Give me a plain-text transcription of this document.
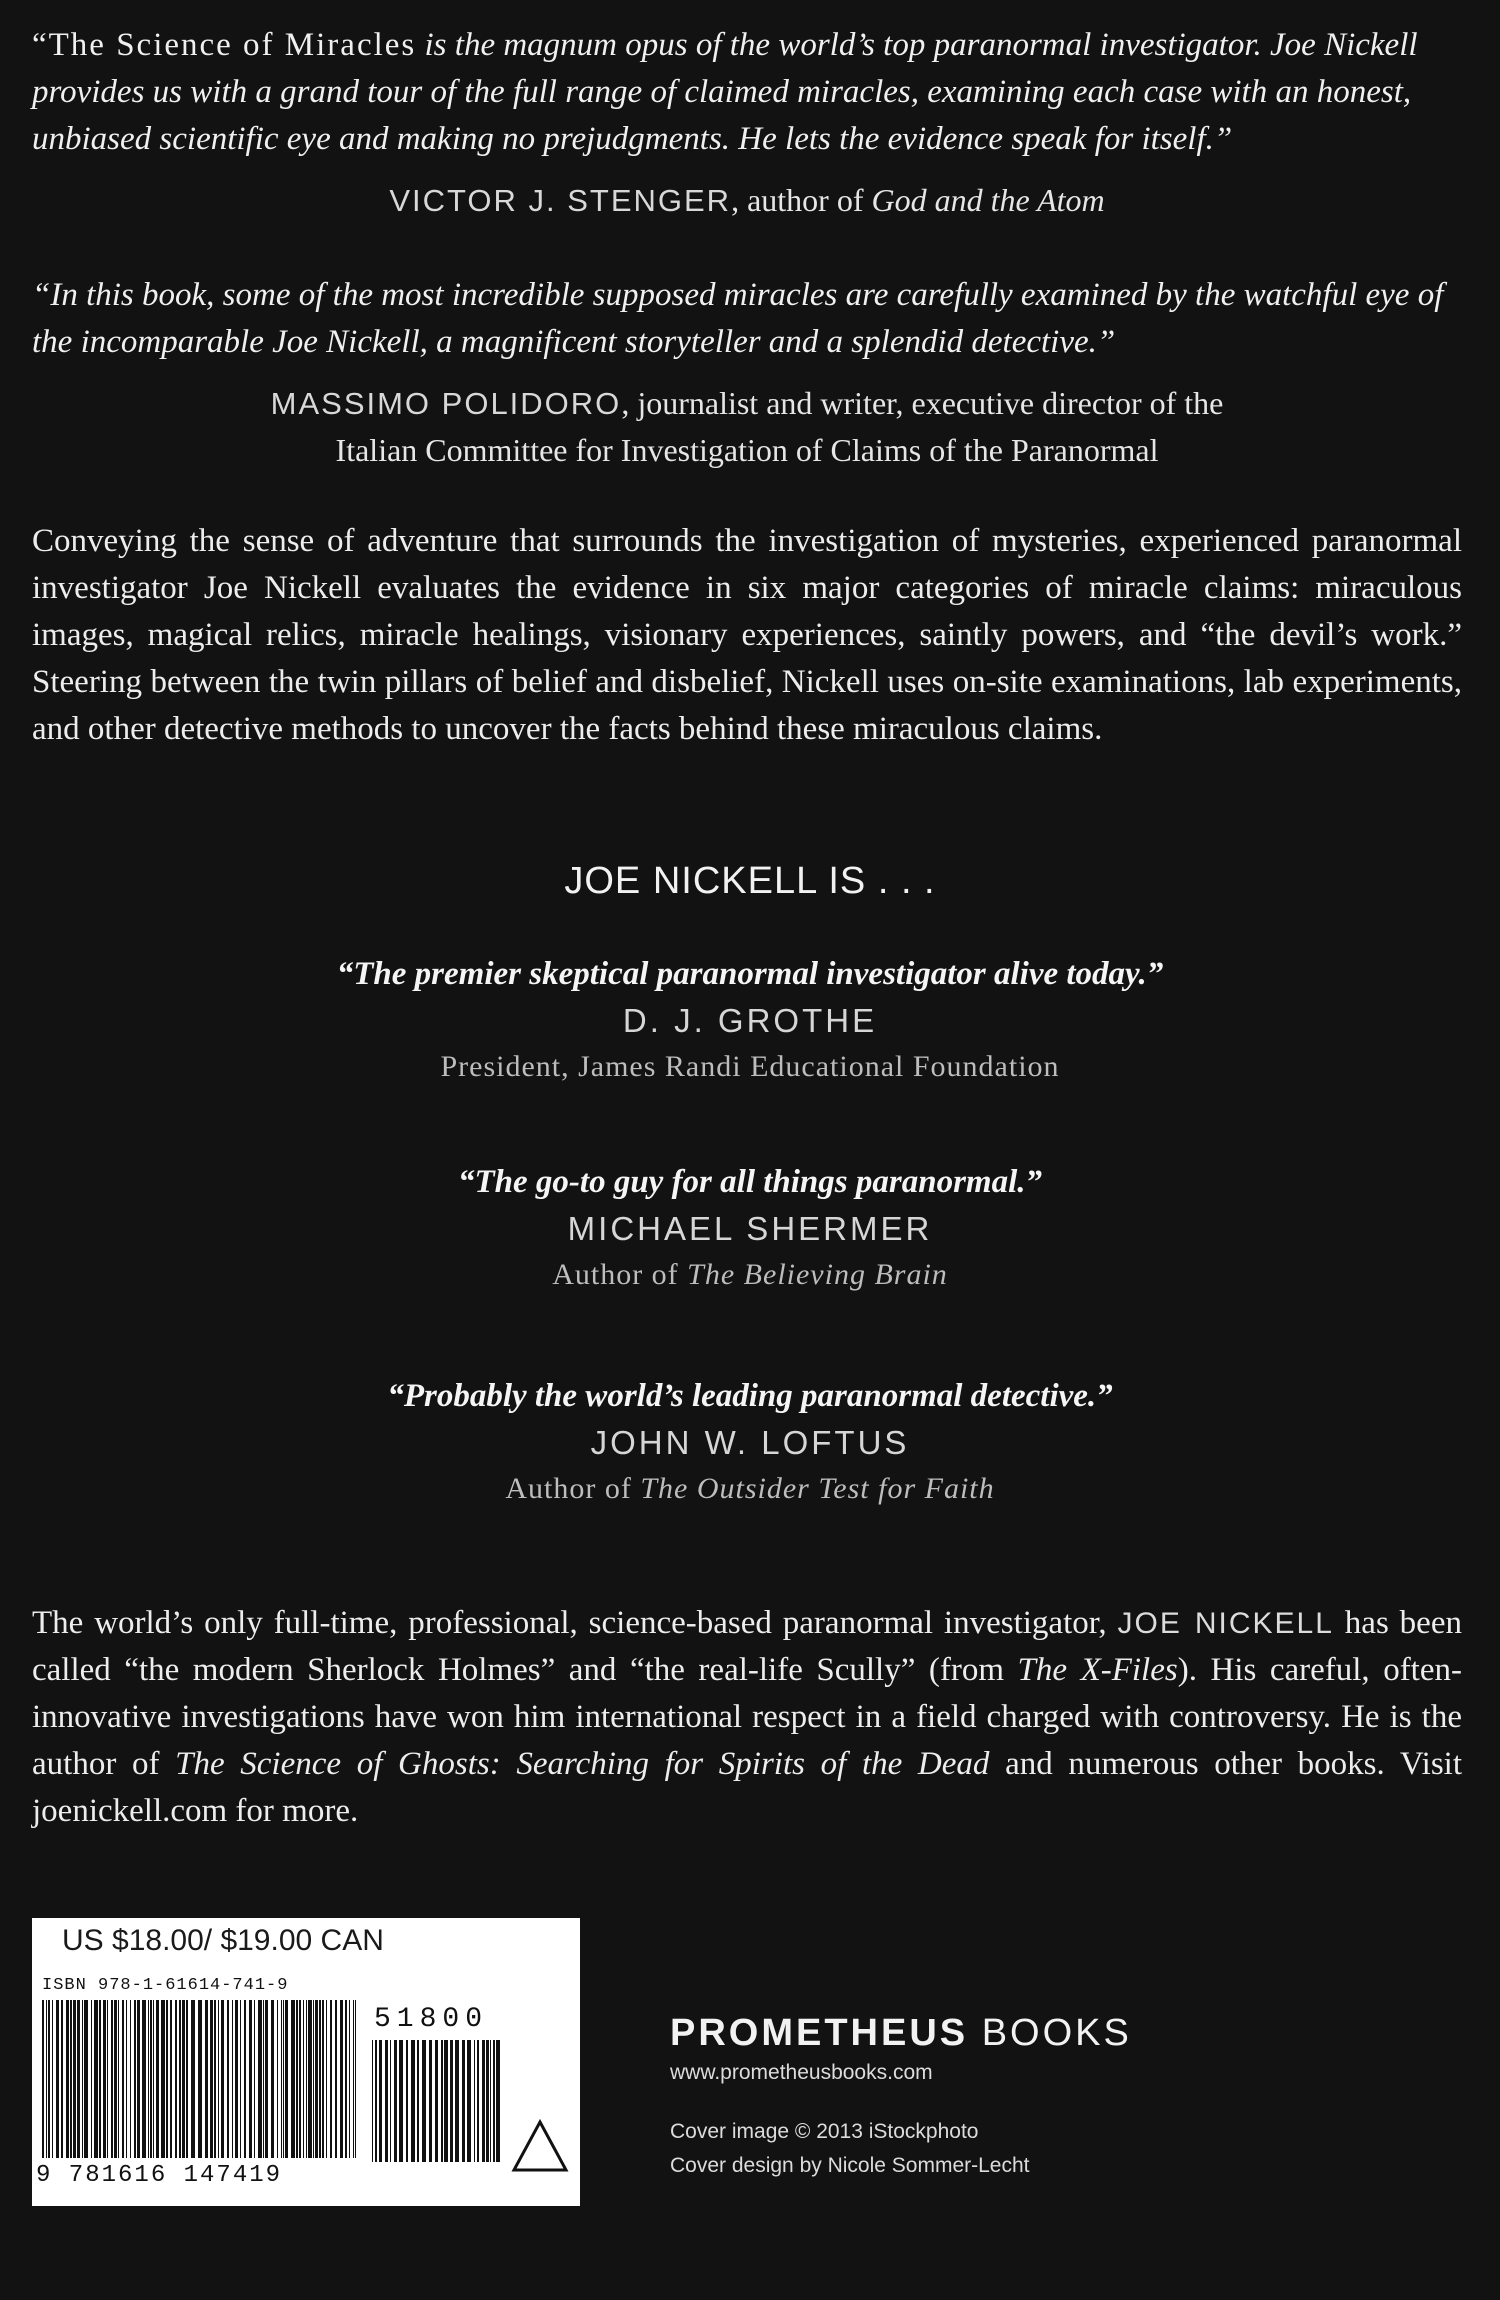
“The Science of Miracles is the magnum opus of the world’s top paranormal investigator. Joe Nickell provides us with a grand tour of the full range of claimed miracles, examining each case with an honest, unbiased scientific eye and making no prejudgments. He lets the evidence speak for itself.”

VICTOR J. STENGER, author of God and the Atom

“In this book, some of the most incredible supposed miracles are carefully examined by the watchful eye of the incomparable Joe Nickell, a magnificent storyteller and a splendid detective.”

MASSIMO POLIDORO, journalist and writer, executive director of the
Italian Committee for Investigation of Claims of the Paranormal

Conveying the sense of adventure that surrounds the investigation of mysteries, experienced paranormal investigator Joe Nickell evaluates the evidence in six major categories of miracle claims: miraculous images, magical relics, miracle healings, visionary experiences, saintly powers, and “the devil’s work.” Steering between the twin pillars of belief and disbelief, Nickell uses on-site examinations, lab experiments, and other detective methods to uncover the facts behind these miraculous claims.

JOE NICKELL IS . . .

“The premier skeptical paranormal investigator alive today.”

D. J. GROTHE

President, James Randi Educational Foundation

“The go-to guy for all things paranormal.”

MICHAEL SHERMER

Author of The Believing Brain

“Probably the world’s leading paranormal detective.”

JOHN W. LOFTUS

Author of The Outsider Test for Faith

The world’s only full-time, professional, science-based paranormal investigator, JOE NICKELL has been called “the modern Sherlock Holmes” and “the real-life Scully” (from The X-Files). His careful, often-innovative investigations have won him international respect in a field charged with controversy. He is the author of The Science of Ghosts: Searching for Spirits of the Dead and numerous other books. Visit joenickell.com for more.

US $18.00/ $19.00 CAN
ISBN 978-1-61614-741-9
51800
9 781616 147419

PROMETHEUS BOOKS

www.prometheusbooks.com

Cover image © 2013 iStockphoto

Cover design by Nicole Sommer-Lecht
